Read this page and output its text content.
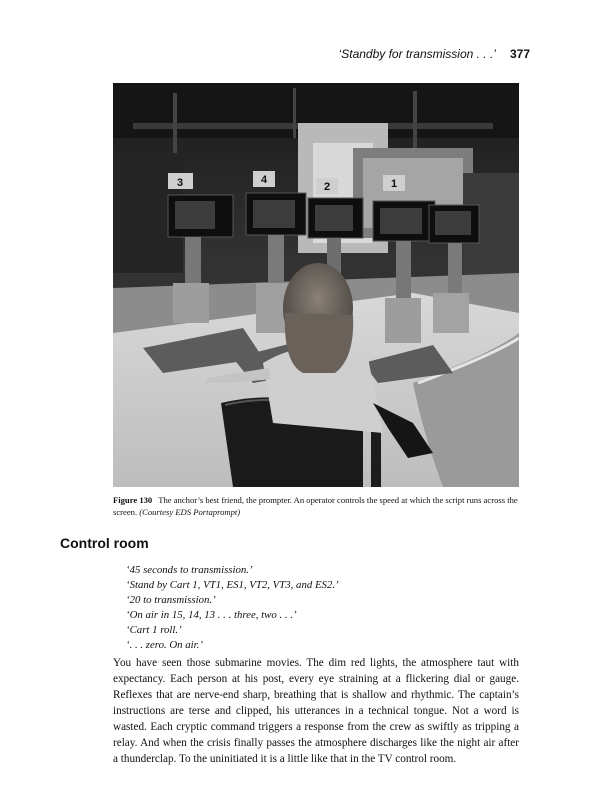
‘Standby for transmission . . .’ 377
3	4
2	1
Figure 130 The anchor’s best friend, the prompter. An operator controls the speed at which the script runs across the screen. (Courtesy EDS Portaprompt)
Control room
‘45 seconds to transmission.’
‘Stand by Cart 1, VT1, ES1, VT2, VT3, and ES2.’
‘20 to transmission.’
‘On air in 15, 14, 13 . . . three, two . . .’
‘Cart 1 roll.’
‘. . . zero. On air.’

You have seen those submarine movies. The dim red lights, the atmosphere taut with expectancy. Each person at his post, every eye straining at a flickering dial or gauge. Reflexes that are nerve-end sharp, breathing that is shallow and rhythmic. The captain’s instructions are terse and clipped, his utterances in a technical tongue. Not a word is wasted. Each cryptic command triggers a response from the crew as swiftly as tripping a relay. And when the crisis finally passes the atmosphere discharges like the night air after a thunderclap. To the uninitiated it is a little like that in the TV control room.
